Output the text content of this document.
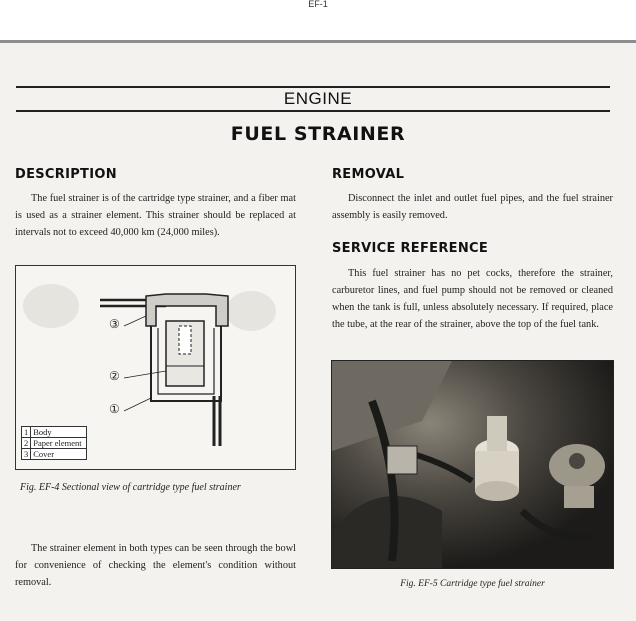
EF-1
ENGINE
FUEL STRAINER
DESCRIPTION
The fuel strainer is of the cartridge type strainer, and a fiber mat is used as a strainer element. This strainer should be replaced at intervals not to exceed 40,000 km (24,000 miles).
③
②
①
1	Body
2	Paper element
3	Cover
Fig. EF-4 Sectional view of cartridge type fuel strainer
The strainer element in both types can be seen through the bowl for convenience of checking the element's condition without removal.
REMOVAL
Disconnect the inlet and outlet fuel pipes, and the fuel strainer assembly is easily removed.
SERVICE REFERENCE
This fuel strainer has no pet cocks, therefore the strainer, carburetor lines, and fuel pump should not be removed or cleaned when the tank is full, unless absolutely necessary. If required, place the tube, at the rear of the strainer, above the top of the fuel tank.
Fig. EF-5 Cartridge type fuel strainer
